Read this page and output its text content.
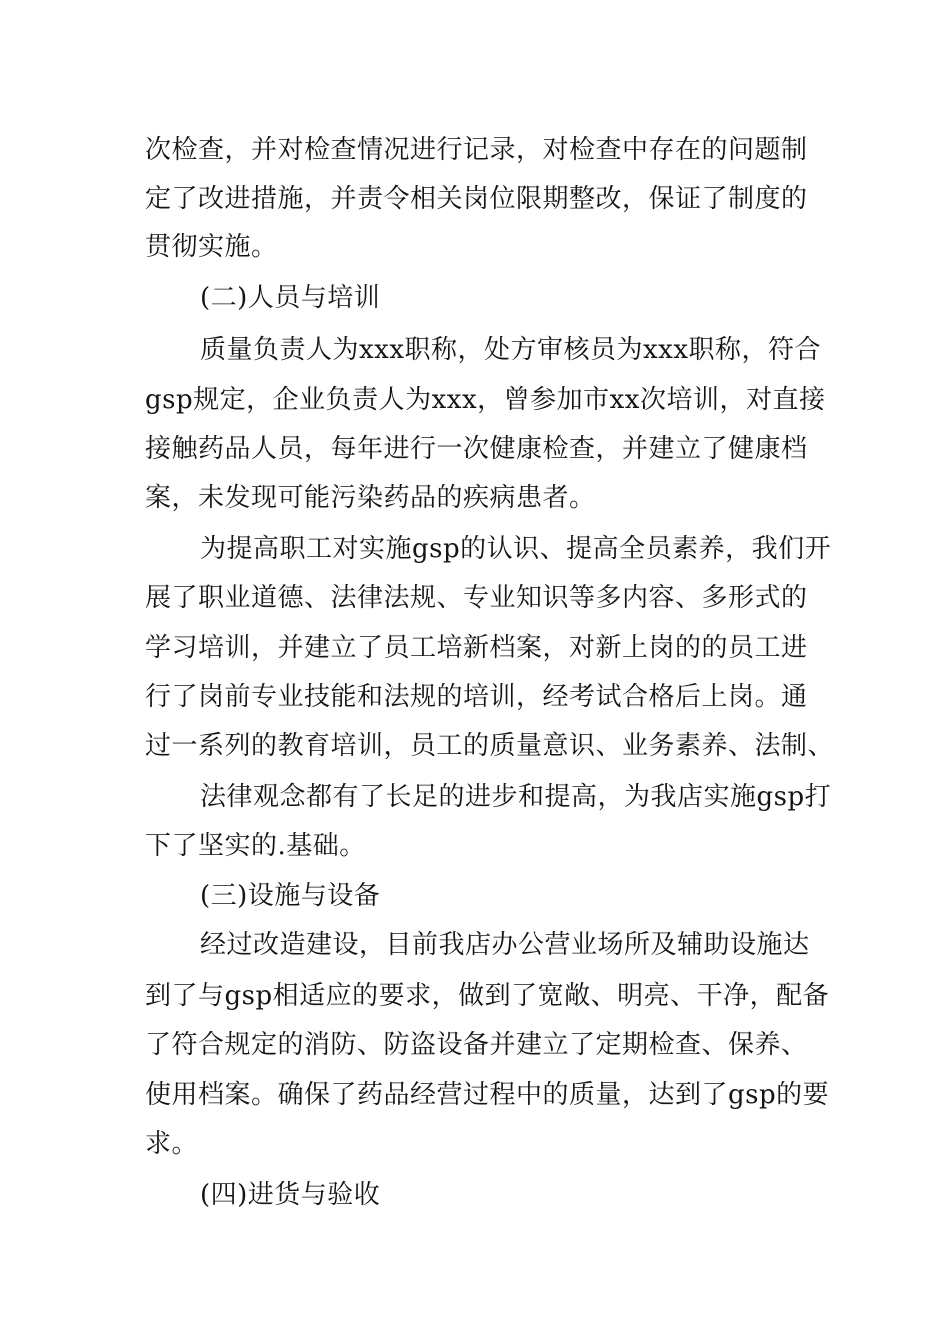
次检查，并对检查情况进行记录，对检查中存在的问题制
定了改进措施，并责令相关岗位限期整改，保证了制度的
贯彻实施。
(二)人员与培训
质量负责人为xxx职称，处方审核员为xxx职称，符合
gsp规定，企业负责人为xxx，曾参加市xx次培训，对直接
接触药品人员，每年进行一次健康检查，并建立了健康档
案，未发现可能污染药品的疾病患者。
为提高职工对实施gsp的认识、提高全员素养，我们开
展了职业道德、法律法规、专业知识等多内容、多形式的
学习培训，并建立了员工培新档案，对新上岗的的员工进
行了岗前专业技能和法规的培训，经考试合格后上岗。通
过一系列的教育培训，员工的质量意识、业务素养、法制、
法律观念都有了长足的进步和提高，为我店实施gsp打
下了坚实的.基础。
(三)设施与设备
经过改造建设，目前我店办公营业场所及辅助设施达
到了与gsp相适应的要求，做到了宽敞、明亮、干净，配备
了符合规定的消防、防盗设备并建立了定期检查、保养、
使用档案。确保了药品经营过程中的质量，达到了gsp的要
求。
(四)进货与验收
